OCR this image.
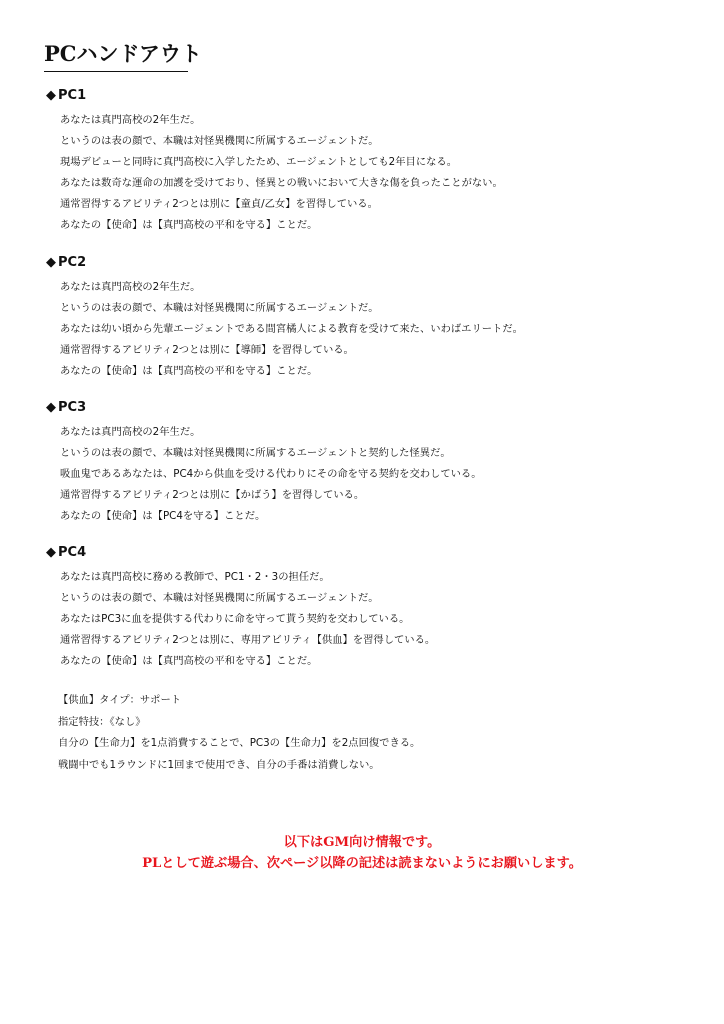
PCハンドアウト
◆ PC1
あなたは真門高校の2年生だ。
というのは表の顔で、本職は対怪異機関に所属するエージェントだ。
現場デビューと同時に真門高校に入学したため、エージェントとしても2年目になる。
あなたは数奇な運命の加護を受けており、怪異との戦いにおいて大きな傷を負ったことがない。
通常習得するアビリティ2つとは別に【童貞/乙女】を習得している。
あなたの【使命】は【真門高校の平和を守る】ことだ。
◆ PC2
あなたは真門高校の2年生だ。
というのは表の顔で、本職は対怪異機関に所属するエージェントだ。
あなたは幼い頃から先輩エージェントである間宮橘人による教育を受けて来た、いわばエリートだ。
通常習得するアビリティ2つとは別に【導師】を習得している。
あなたの【使命】は【真門高校の平和を守る】ことだ。
◆ PC3
あなたは真門高校の2年生だ。
というのは表の顔で、本職は対怪異機関に所属するエージェントと契約した怪異だ。
吸血鬼であるあなたは、PC4から供血を受ける代わりにその命を守る契約を交わしている。
通常習得するアビリティ2つとは別に【かばう】を習得している。
あなたの【使命】は【PC4を守る】ことだ。
◆ PC4
あなたは真門高校に務める教師で、PC1・2・3の担任だ。
というのは表の顔で、本職は対怪異機関に所属するエージェントだ。
あなたはPC3に血を提供する代わりに命を守って貰う契約を交わしている。
通常習得するアビリティ2つとは別に、専用アビリティ【供血】を習得している。
あなたの【使命】は【真門高校の平和を守る】ことだ。
【供血】タイプ：サポート
指定特技：《なし》
自分の【生命力】を1点消費することで、PC3の【生命力】を2点回復できる。
戦闘中でも1ラウンドに1回まで使用でき、自分の手番は消費しない。
以下はGM向け情報です。
PLとして遊ぶ場合、次ページ以降の記述は読まないようにお願いします。
